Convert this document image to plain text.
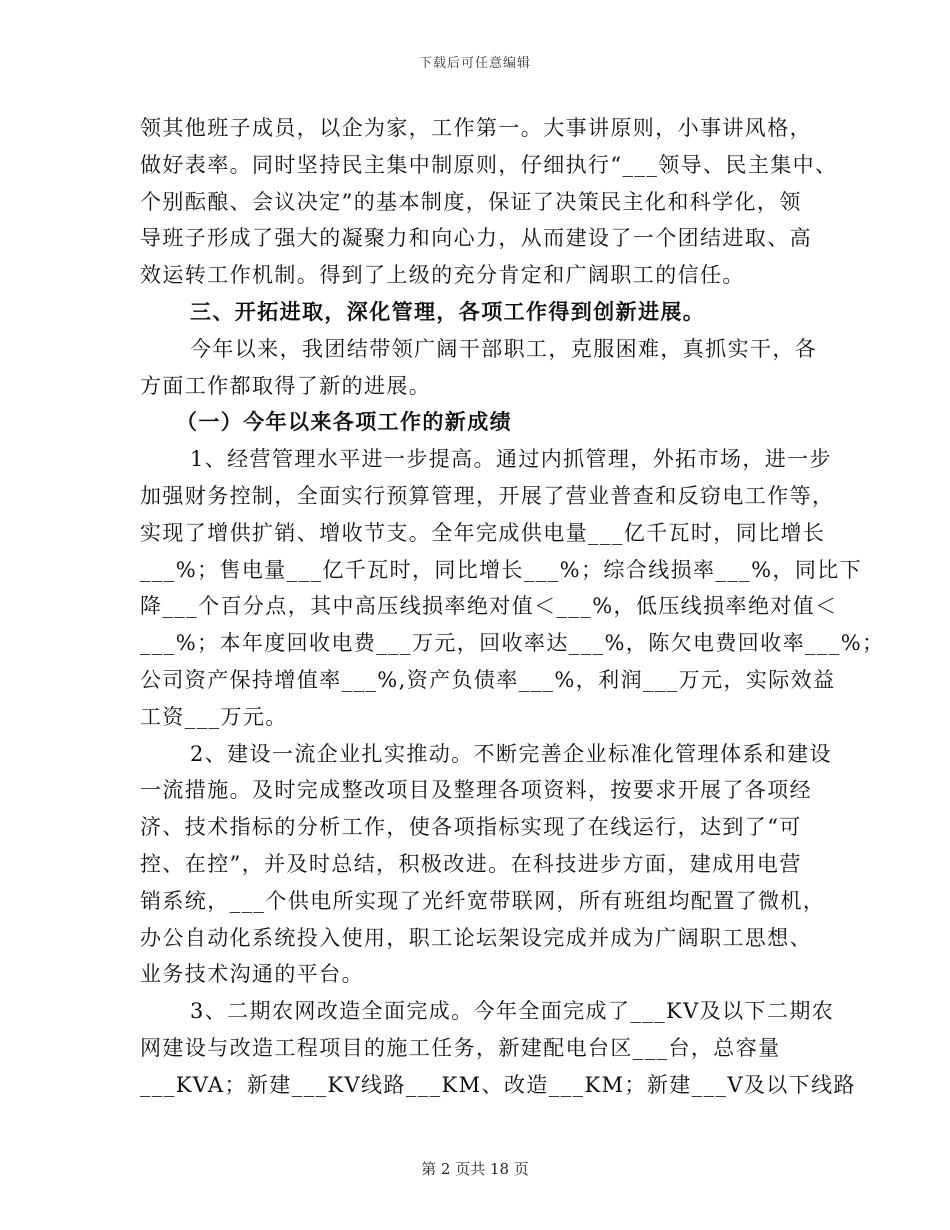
下载后可任意编辑
领其他班子成员，以企为家，工作第一。大事讲原则，小事讲风格，
做好表率。同时坚持民主集中制原则，仔细执行“___领导、民主集中、
个别酝酿、会议决定”的基本制度，保证了决策民主化和科学化，领
导班子形成了强大的凝聚力和向心力，从而建设了一个团结进取、高
效运转工作机制。得到了上级的充分肯定和广阔职工的信任。
三、开拓进取，深化管理，各项工作得到创新进展。
今年以来，我团结带领广阔干部职工，克服困难，真抓实干，各
方面工作都取得了新的进展。
（一）今年以来各项工作的新成绩
1、经营管理水平进一步提高。通过内抓管理，外拓市场，进一步
加强财务控制，全面实行预算管理，开展了营业普查和反窃电工作等，
实现了增供扩销、增收节支。全年完成供电量___亿千瓦时，同比增长
___%；售电量___亿千瓦时，同比增长___%；综合线损率___%，同比下
降___个百分点，其中高压线损率绝对值＜___%，低压线损率绝对值＜
___%；本年度回收电费___万元，回收率达___%，陈欠电费回收率___%；
公司资产保持增值率___%,资产负债率___%，利润___万元，实际效益
工资___万元。
2、建设一流企业扎实推动。不断完善企业标准化管理体系和建设
一流措施。及时完成整改项目及整理各项资料，按要求开展了各项经
济、技术指标的分析工作，使各项指标实现了在线运行，达到了“可
控、在控”，并及时总结，积极改进。在科技进步方面，建成用电营
销系统，___个供电所实现了光纤宽带联网，所有班组均配置了微机，
办公自动化系统投入使用，职工论坛架设完成并成为广阔职工思想、
业务技术沟通的平台。
3、二期农网改造全面完成。今年全面完成了___KV及以下二期农
网建设与改造工程项目的施工任务，新建配电台区___台，总容量
___KVA；新建___KV线路___KM、改造___KM；新建___V及以下线路
第 2 页共 18 页
